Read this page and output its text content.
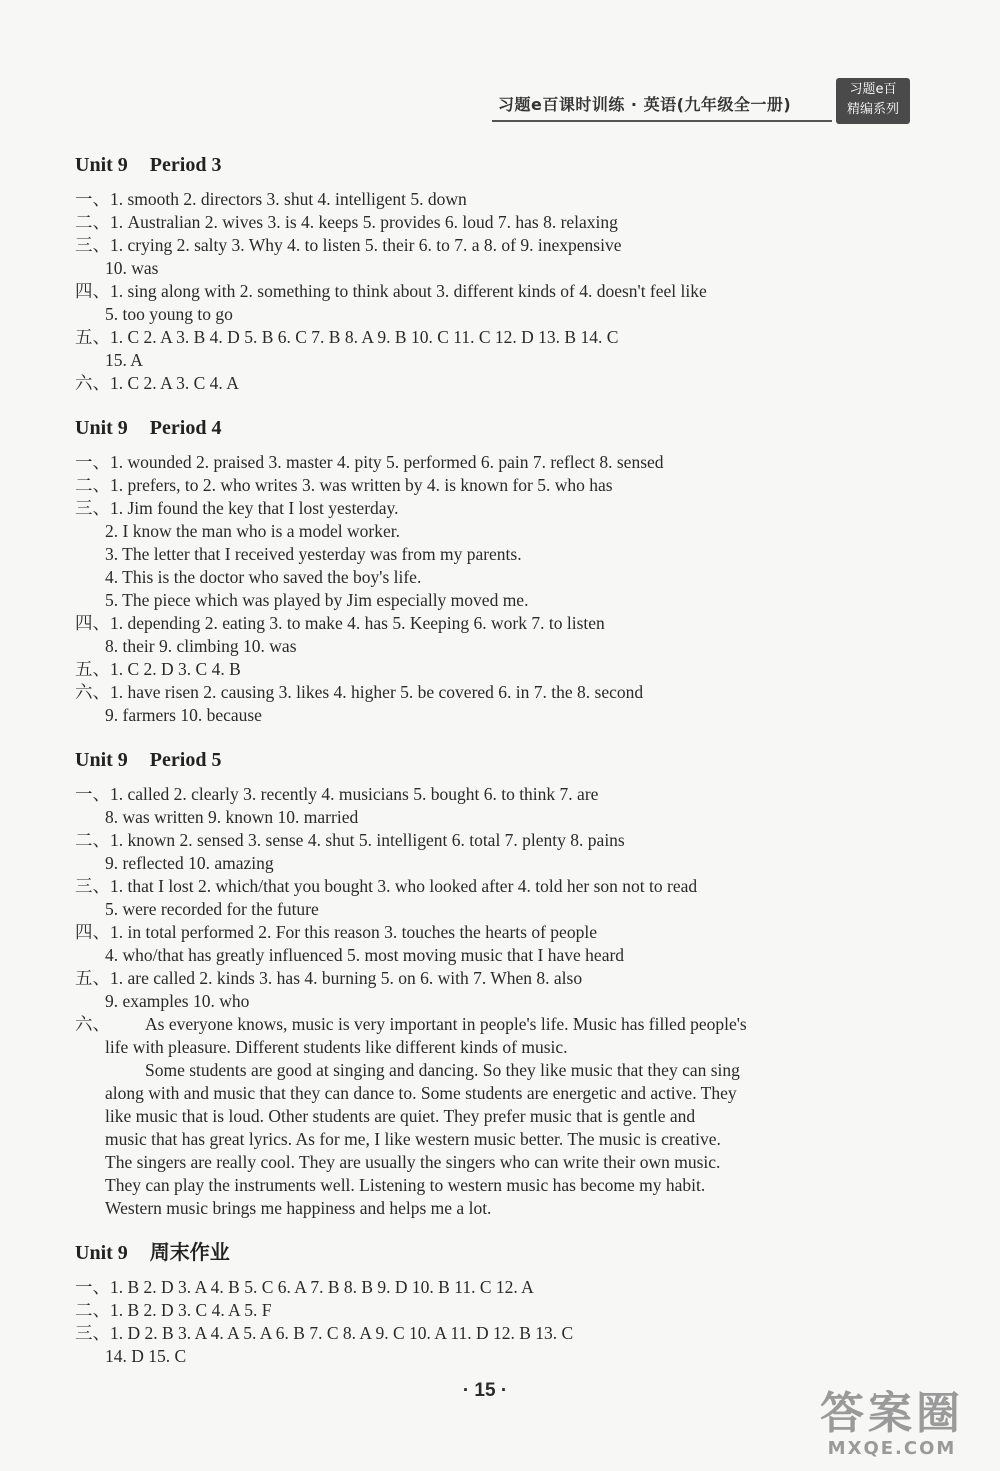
习题e百课时训练 · 英语(九年级全一册)
习题e百
精编系列
Unit 9 Period 3
一、1. smooth 2. directors 3. shut 4. intelligent 5. down
二、1. Australian 2. wives 3. is 4. keeps 5. provides 6. loud 7. has 8. relaxing
三、1. crying 2. salty 3. Why 4. to listen 5. their 6. to 7. a 8. of 9. inexpensive
10. was
四、1. sing along with 2. something to think about 3. different kinds of 4. doesn't feel like
5. too young to go
五、1. C 2. A 3. B 4. D 5. B 6. C 7. B 8. A 9. B 10. C 11. C 12. D 13. B 14. C
15. A
六、1. C 2. A 3. C 4. A
Unit 9 Period 4
一、1. wounded 2. praised 3. master 4. pity 5. performed 6. pain 7. reflect 8. sensed
二、1. prefers, to 2. who writes 3. was written by 4. is known for 5. who has
三、1. Jim found the key that I lost yesterday.
2. I know the man who is a model worker.
3. The letter that I received yesterday was from my parents.
4. This is the doctor who saved the boy's life.
5. The piece which was played by Jim especially moved me.
四、1. depending 2. eating 3. to make 4. has 5. Keeping 6. work 7. to listen
8. their 9. climbing 10. was
五、1. C 2. D 3. C 4. B
六、1. have risen 2. causing 3. likes 4. higher 5. be covered 6. in 7. the 8. second
9. farmers 10. because
Unit 9 Period 5
一、1. called 2. clearly 3. recently 4. musicians 5. bought 6. to think 7. are
8. was written 9. known 10. married
二、1. known 2. sensed 3. sense 4. shut 5. intelligent 6. total 7. plenty 8. pains
9. reflected 10. amazing
三、1. that I lost 2. which/that you bought 3. who looked after 4. told her son not to read
5. were recorded for the future
四、1. in total performed 2. For this reason 3. touches the hearts of people
4. who/that has greatly influenced 5. most moving music that I have heard
五、1. are called 2. kinds 3. has 4. burning 5. on 6. with 7. When 8. also
9. examples 10. who
六、 As everyone knows, music is very important in people's life. Music has filled people's
life with pleasure. Different students like different kinds of music.
Some students are good at singing and dancing. So they like music that they can sing
along with and music that they can dance to. Some students are energetic and active. They
like music that is loud. Other students are quiet. They prefer music that is gentle and
music that has great lyrics. As for me, I like western music better. The music is creative.
The singers are really cool. They are usually the singers who can write their own music.
They can play the instruments well. Listening to western music has become my habit.
Western music brings me happiness and helps me a lot.
Unit 9 周末作业
一、1. B 2. D 3. A 4. B 5. C 6. A 7. B 8. B 9. D 10. B 11. C 12. A
二、1. B 2. D 3. C 4. A 5. F
三、1. D 2. B 3. A 4. A 5. A 6. B 7. C 8. A 9. C 10. A 11. D 12. B 13. C
14. D 15. C
· 15 ·	答案圈
MXQE.COM
